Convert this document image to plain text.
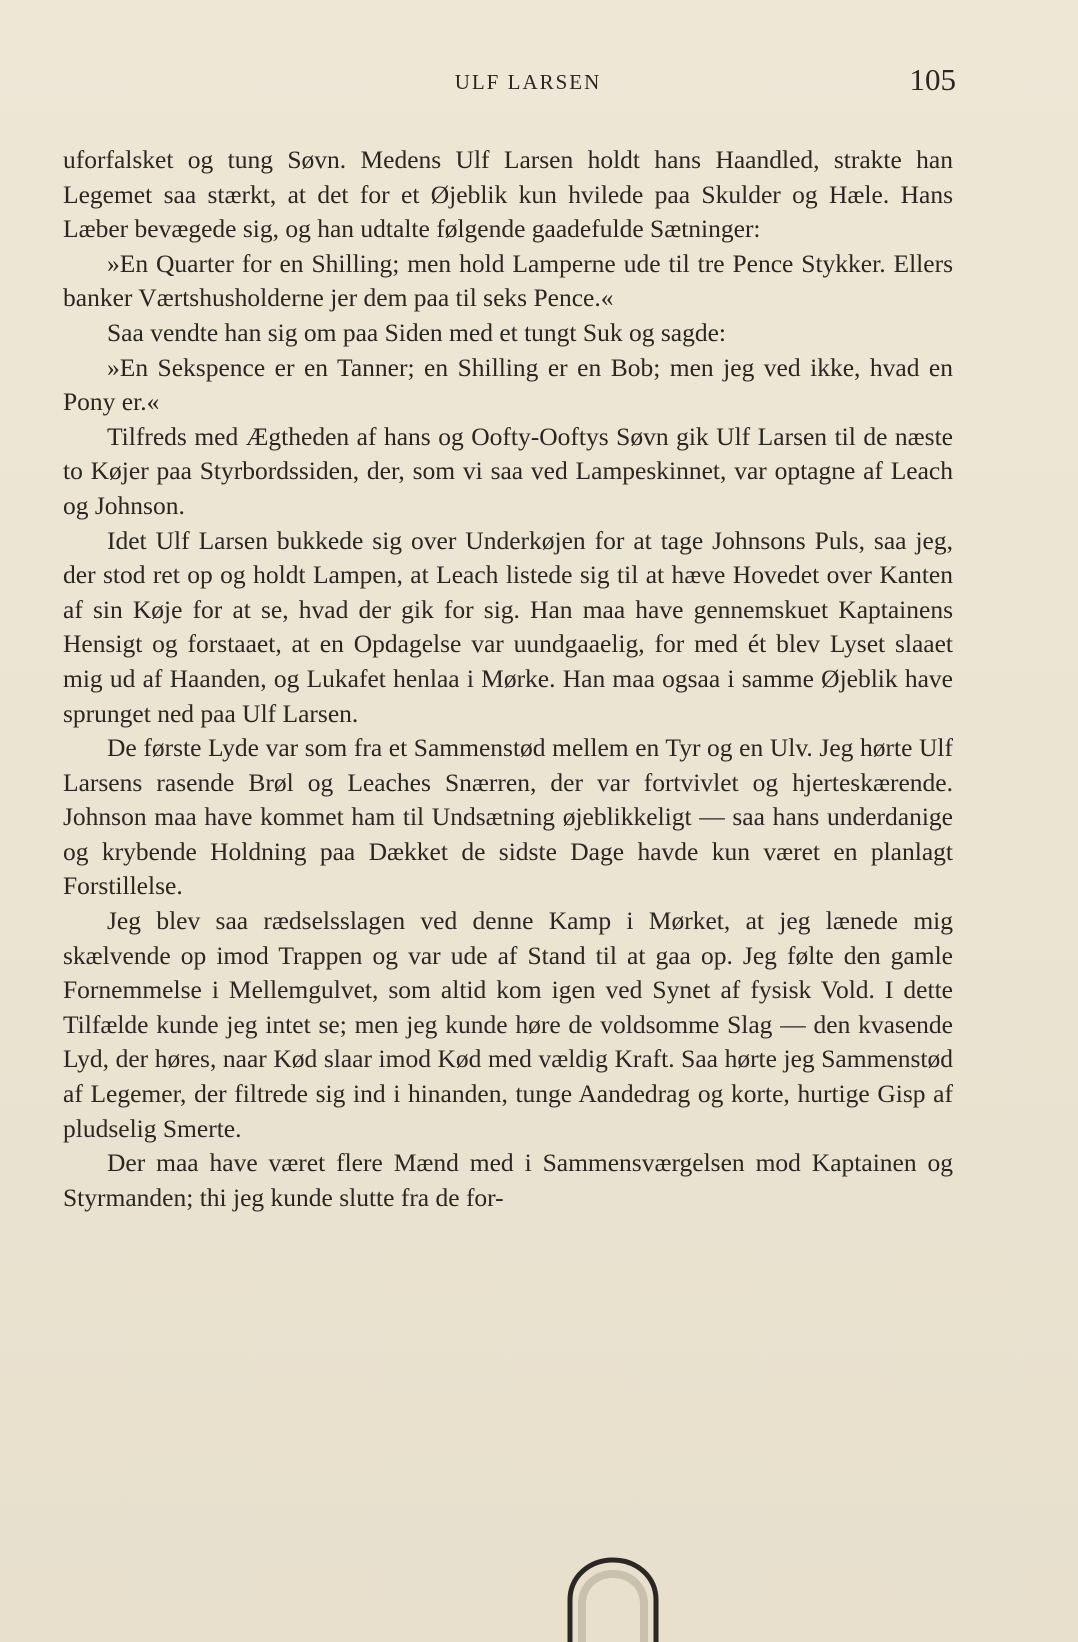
ULF LARSEN	105

uforfalsket og tung Søvn. Medens Ulf Larsen holdt hans Haandled, strakte han Legemet saa stærkt, at det for et Øjeblik kun hvilede paa Skulder og Hæle. Hans Læber bevægede sig, og han udtalte følgende gaadefulde Sætninger:

»En Quarter for en Shilling; men hold Lamperne ude til tre Pence Stykker. Ellers banker Værtshusholderne jer dem paa til seks Pence.«

Saa vendte han sig om paa Siden med et tungt Suk og sagde:

»En Sekspence er en Tanner; en Shilling er en Bob; men jeg ved ikke, hvad en Pony er.«

Tilfreds med Ægtheden af hans og Oofty-Ooftys Søvn gik Ulf Larsen til de næste to Køjer paa Styrbordssiden, der, som vi saa ved Lampeskinnet, var optagne af Leach og Johnson.

Idet Ulf Larsen bukkede sig over Underkøjen for at tage Johnsons Puls, saa jeg, der stod ret op og holdt Lampen, at Leach listede sig til at hæve Hovedet over Kanten af sin Køje for at se, hvad der gik for sig. Han maa have gennemskuet Kaptainens Hensigt og forstaaet, at en Opdagelse var uundgaaelig, for med ét blev Lyset slaaet mig ud af Haanden, og Lukafet henlaa i Mørke. Han maa ogsaa i samme Øjeblik have sprunget ned paa Ulf Larsen.

De første Lyde var som fra et Sammenstød mellem en Tyr og en Ulv. Jeg hørte Ulf Larsens rasende Brøl og Leaches Snærren, der var fortvivlet og hjerteskærende. Johnson maa have kommet ham til Undsætning øjeblikkeligt — saa hans underdanige og krybende Holdning paa Dækket de sidste Dage havde kun været en planlagt Forstillelse.

Jeg blev saa rædselsslagen ved denne Kamp i Mørket, at jeg lænede mig skælvende op imod Trappen og var ude af Stand til at gaa op. Jeg følte den gamle Fornemmelse i Mellemgulvet, som altid kom igen ved Synet af fysisk Vold. I dette Tilfælde kunde jeg intet se; men jeg kunde høre de voldsomme Slag — den kvasende Lyd, der høres, naar Kød slaar imod Kød med vældig Kraft. Saa hørte jeg Sammenstød af Legemer, der filtrede sig ind i hinanden, tunge Aandedrag og korte, hurtige Gisp af pludselig Smerte.

Der maa have været flere Mænd med i Sammensværgelsen mod Kaptainen og Styrmanden; thi jeg kunde slutte fra de for-
